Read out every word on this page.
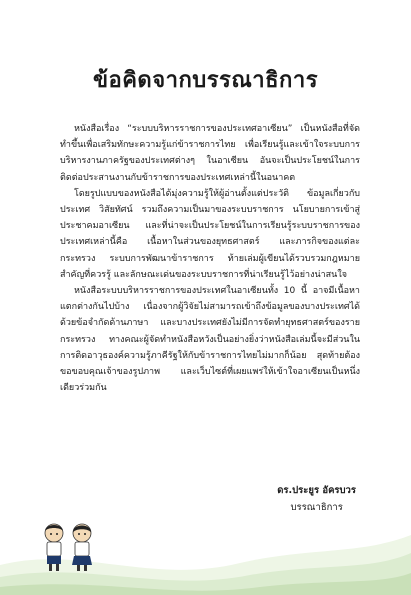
ข้อคิดจากบรรณาธิการ

หนังสือเรื่อง “ระบบบริหารราชการของประเทศอาเซียน” เป็นหนังสือที่จัดทำขึ้นเพื่อเสริมทักษะความรู้แก่ข้าราชการไทย เพื่อเรียนรู้และเข้าใจระบบการบริหารงานภาครัฐของประเทศต่างๆ ในอาเซียน อันจะเป็นประโยชน์ในการติดต่อประสานงานกับข้าราชการของประเทศเหล่านี้ในอนาคต

โดยรูปแบบของหนังสือได้มุ่งความรู้ให้ผู้อ่านตั้งแต่ประวัติ ข้อมูลเกี่ยวกับประเทศ วิสัยทัศน์ รวมถึงความเป็นมาของระบบราชการ นโยบายการเข้าสู่ประชาคมอาเซียน และที่น่าจะเป็นประโยชน์ในการเรียนรู้ระบบราชการของประเทศเหล่านี้คือ เนื้อหาในส่วนของยุทธศาสตร์ และภารกิจของแต่ละกระทรวง ระบบการพัฒนาข้าราชการ ท้ายเล่มผู้เขียนได้รวบรวมกฎหมายสำคัญที่ควรรู้ และลักษณะเด่นของระบบราชการที่น่าเรียนรู้ไว้อย่างน่าสนใจ

หนังสือระบบบริหารราชการของประเทศในอาเซียนทั้ง 10 นี้ อาจมีเนื้อหาแตกต่างกันไปบ้าง เนื่องจากผู้วิจัยไม่สามารถเข้าถึงข้อมูลของบางประเทศได้ด้วยข้อจำกัดด้านภาษา และบางประเทศยังไม่มีการจัดทำยุทธศาสตร์ของรายกระทรวง ทางคณะผู้จัดทำหนังสือหวังเป็นอย่างยิ่งว่าหนังสือเล่มนี้จะมีส่วนในการติดอาวุธองค์ความรู้ภาคีรัฐให้กับข้าราชการไทยไม่มากก็น้อย สุดท้ายต้องขอขอบคุณเจ้าของรูปภาพ และเว็บไซต์ที่เผยแพร่ให้เข้าใจอาเซียนเป็นหนึ่งเดียวร่วมกัน

ดร.ประยูร อัครบวร
บรรณาธิการ
